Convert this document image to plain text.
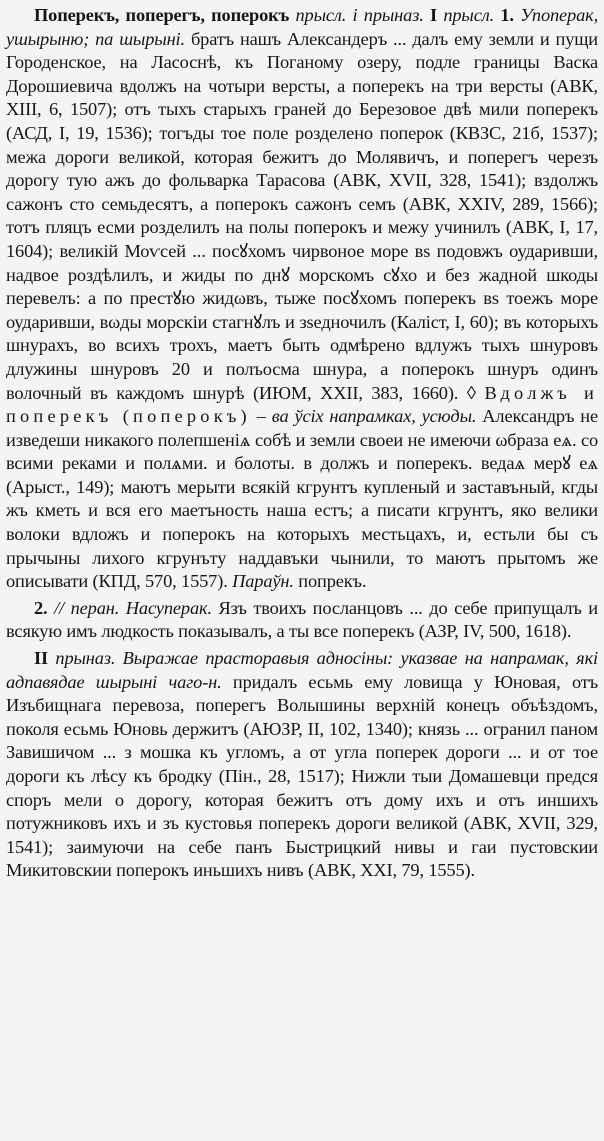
Поперекъ, поперегъ, поперокъ прысл. і прыназ. I прысл. 1. Упоперак, ушырыню; па шырыні. братъ нашъ Александеръ ... далъ ему земли и пущи Городенское, на Ласоснѣ, къ Поганому озеру, подле границы Васка Дорошиевича вдолжъ на чотыри версты, а поперекъ на три версты (АВК, XIII, 6, 1507); отъ тыхъ старыхъ граней до Березовое двѣ мили поперекъ (АСД, I, 19, 1536); тогъды тое поле розделено поперок (КВЗС, 21б, 1537); межа дороги великой, которая бежитъ до Молявичъ, и поперегъ черезъ дорогу тую ажъ до фольварка Тарасова (АВК, XVII, 328, 1541); вздолжъ сажонъ сто семьдесятъ, а поперокъ сажонъ семъ (АВК, XXIV, 289, 1566); тотъ пляцъ есми розделилъ на полы поперокъ и межу учинилъ (АВК, I, 17, 1604); великій Моѵсей ... посꙋхомъ чирвоное море вѕ подовжъ оударивши, надвое роздѣлилъ, и жиды по днꙋ морскомъ сꙋхо и без жадной шкоды перевелъ: а по престꙋю жидωвъ, тыже посꙋхомъ поперекъ вѕ тоежъ море оударивши, вωды морскіи стагнꙋлъ и зѕедночилъ (Калiст, I, 60); въ которыхъ шнурахъ, во всихъ трохъ, маетъ быть одмѣрено вдлужъ тыхъ шнуровъ длужины шнуровъ 20 и полъосма шнура, а поперокъ шнуръ одинъ волочный въ каждомъ шнурѣ (ИЮМ, XXII, 383, 1660). ◊ Вдолжъ и поперекъ (поперокъ) – ва ўсіх напрамках, усюды. Александръ не изведеши никакого полепшеніѧ собѣ и земли своеи не имеючи ωбраза еѧ. со всими реками и полѧми. и болоты. в должъ и поперекъ. ведаѧ мерꙋ еѧ (Арыст., 149); маютъ мерыти всякій кгрунтъ купленый и заставъный, кгды жъ кметь и вся его маетъность наша естъ; а писати кгрунтъ, яко велики волоки вдложъ и поперокъ на которыхъ местьцахъ, и, естьли бы съ прычыны лихого кгрунъту наддавъки чынили, то маютъ прытомъ же описывати (КПД, 570, 1557). Параўн. попрекъ.

2. // перан. Насуперак. Язъ твоихъ посланцовъ ... до себе припущалъ и всякую имъ людкость показывалъ, а ты все поперекъ (АЗР, IV, 500, 1618).

II прыназ. Выражае прасторавыя адносіны: указвае на напрамак, які адпавядае шырыні чаго-н. придалъ есьмь ему ловища у Юновая, отъ Изъбищнага перевоза, поперегъ Волышины верхній конецъ объѣздомъ, поколя есьмь Юновь держитъ (АЮЗР, II, 102, 1340); князь ... огранил паном Завишичом ... з мошка къ угломъ, а от угла поперек дороги ... и от тое дороги къ лѣсу къ бродку (Пін., 28, 1517); Нижли тыи Домашевци предся споръ мели о дорогу, которая бежитъ отъ дому ихъ и отъ иншихъ потужниковъ ихъ и зъ кустовья поперекъ дороги великой (АВК, XVII, 329, 1541); заимуючи на себе панъ Быстрицкий нивы и гаи пустовскии Микитовскии поперокъ иньшихъ нивъ (АВК, XXI, 79, 1555).
